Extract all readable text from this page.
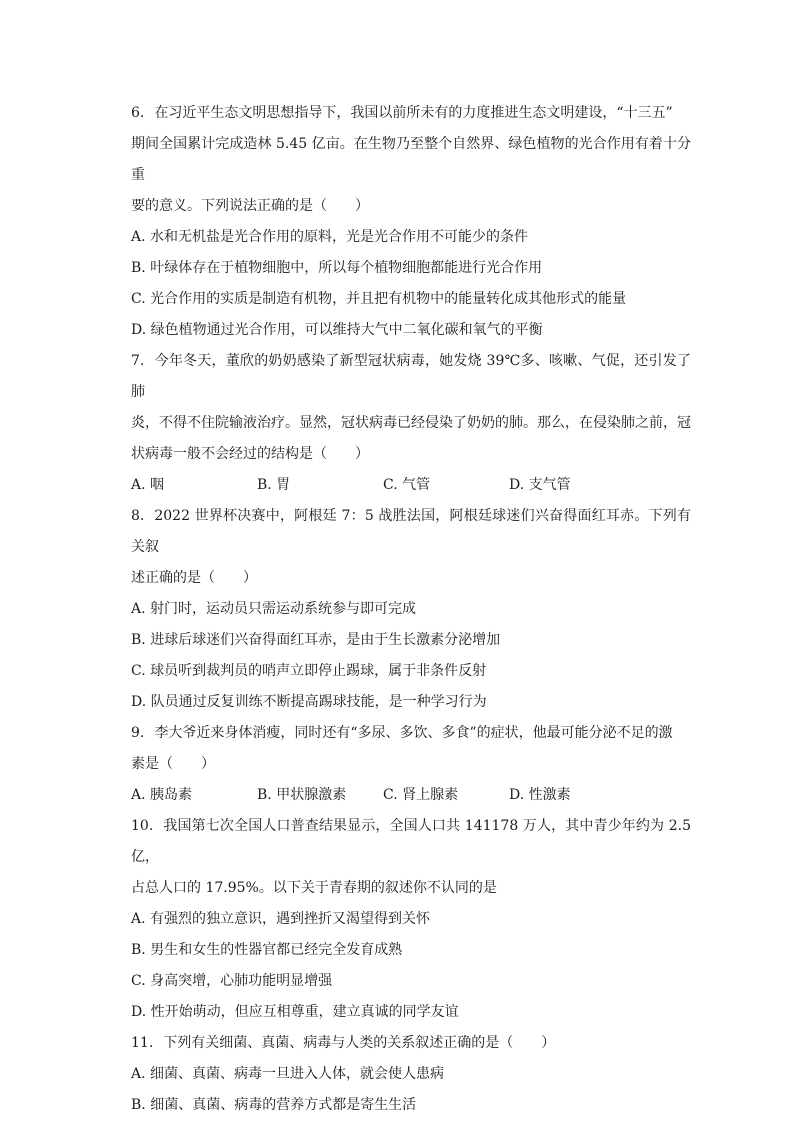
6. 在习近平生态文明思想指导下，我国以前所未有的力度推进生态文明建设，“十三五”

期间全国累计完成造林 5.45 亿亩。在生物乃至整个自然界、绿色植物的光合作用有着十分重

要的意义。下列说法正确的是（　　）

A. 水和无机盐是光合作用的原料，光是光合作用不可能少的条件

B. 叶绿体存在于植物细胞中，所以每个植物细胞都能进行光合作用

C. 光合作用的实质是制造有机物，并且把有机物中的能量转化成其他形式的能量

D. 绿色植物通过光合作用，可以维持大气中二氧化碳和氧气的平衡

7. 今年冬天，董欣的奶奶感染了新型冠状病毒，她发烧 39℃多、咳嗽、气促，还引发了肺

炎，不得不住院输液治疗。显然，冠状病毒已经侵染了奶奶的肺。那么，在侵染肺之前，冠

状病毒一般不会经过的结构是（　　）

A. 咽	B. 胃	C. 气管	D. 支气管

8. 2022 世界杯决赛中，阿根廷 7：5 战胜法国，阿根廷球迷们兴奋得面红耳赤。下列有关叙

述正确的是（　　）

A. 射门时，运动员只需运动系统参与即可完成

B. 进球后球迷们兴奋得面红耳赤，是由于生长激素分泌增加

C. 球员听到裁判员的哨声立即停止踢球，属于非条件反射

D. 队员通过反复训练不断提高踢球技能，是一种学习行为

9. 李大爷近来身体消瘦，同时还有“多尿、多饮、多食”的症状，他最可能分泌不足的激

素是（　　）

A. 胰岛素	B. 甲状腺激素	C. 肾上腺素	D. 性激素

10. 我国第七次全国人口普查结果显示，全国人口共 141178 万人，其中青少年约为 2.5 亿，

占总人口的 17.95%。以下关于青春期的叙述你不认同的是

A. 有强烈的独立意识，遇到挫折又渴望得到关怀

B. 男生和女生的性器官都已经完全发育成熟

C. 身高突增，心肺功能明显增强

D. 性开始萌动，但应互相尊重，建立真诚的同学友谊

11. 下列有关细菌、真菌、病毒与人类的关系叙述正确的是（　　）

A. 细菌、真菌、病毒一旦进入人体，就会使人患病

B. 细菌、真菌、病毒的营养方式都是寄生生活
